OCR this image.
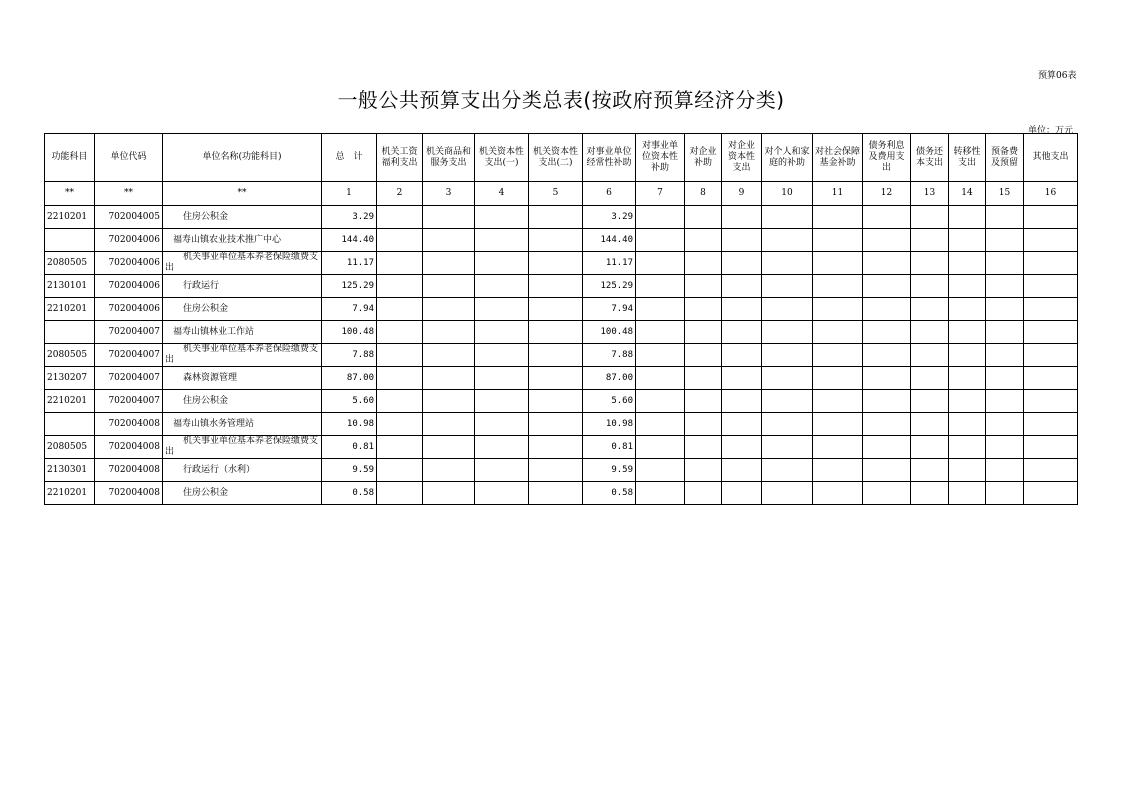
预算06表
一般公共预算支出分类总表(按政府预算经济分类)
单位：万元
功能科目	单位代码	单位名称(功能科目)	总　计	机关工资福利支出	机关商品和服务支出	机关资本性支出(一)	机关资本性支出(二)	对事业单位经常性补助	对事业单位资本性补助	对企业补助	对企业资本性支出	对个人和家庭的补助	对社会保障基金补助	债务利息及费用支出	债务还本支出	转移性支出	预备费及预留	其他支出
**	**	**	1	2	3	4	5	6	7	8	9	10	11	12	13	14	15	16
2210201	702004005	住房公积金	3.29					3.29										
	702004006	福寿山镇农业技术推广中心	144.40					144.40										
2080505	702004006	机关事业单位基本养老保险缴费支出	11.17					11.17										
2130101	702004006	行政运行	125.29					125.29										
2210201	702004006	住房公积金	7.94					7.94										
	702004007	福寿山镇林业工作站	100.48					100.48										
2080505	702004007	机关事业单位基本养老保险缴费支出	7.88					7.88										
2130207	702004007	森林资源管理	87.00					87.00										
2210201	702004007	住房公积金	5.60					5.60										
	702004008	福寿山镇水务管理站	10.98					10.98										
2080505	702004008	机关事业单位基本养老保险缴费支出	0.81					0.81										
2130301	702004008	行政运行（水利）	9.59					9.59										
2210201	702004008	住房公积金	0.58					0.58										
